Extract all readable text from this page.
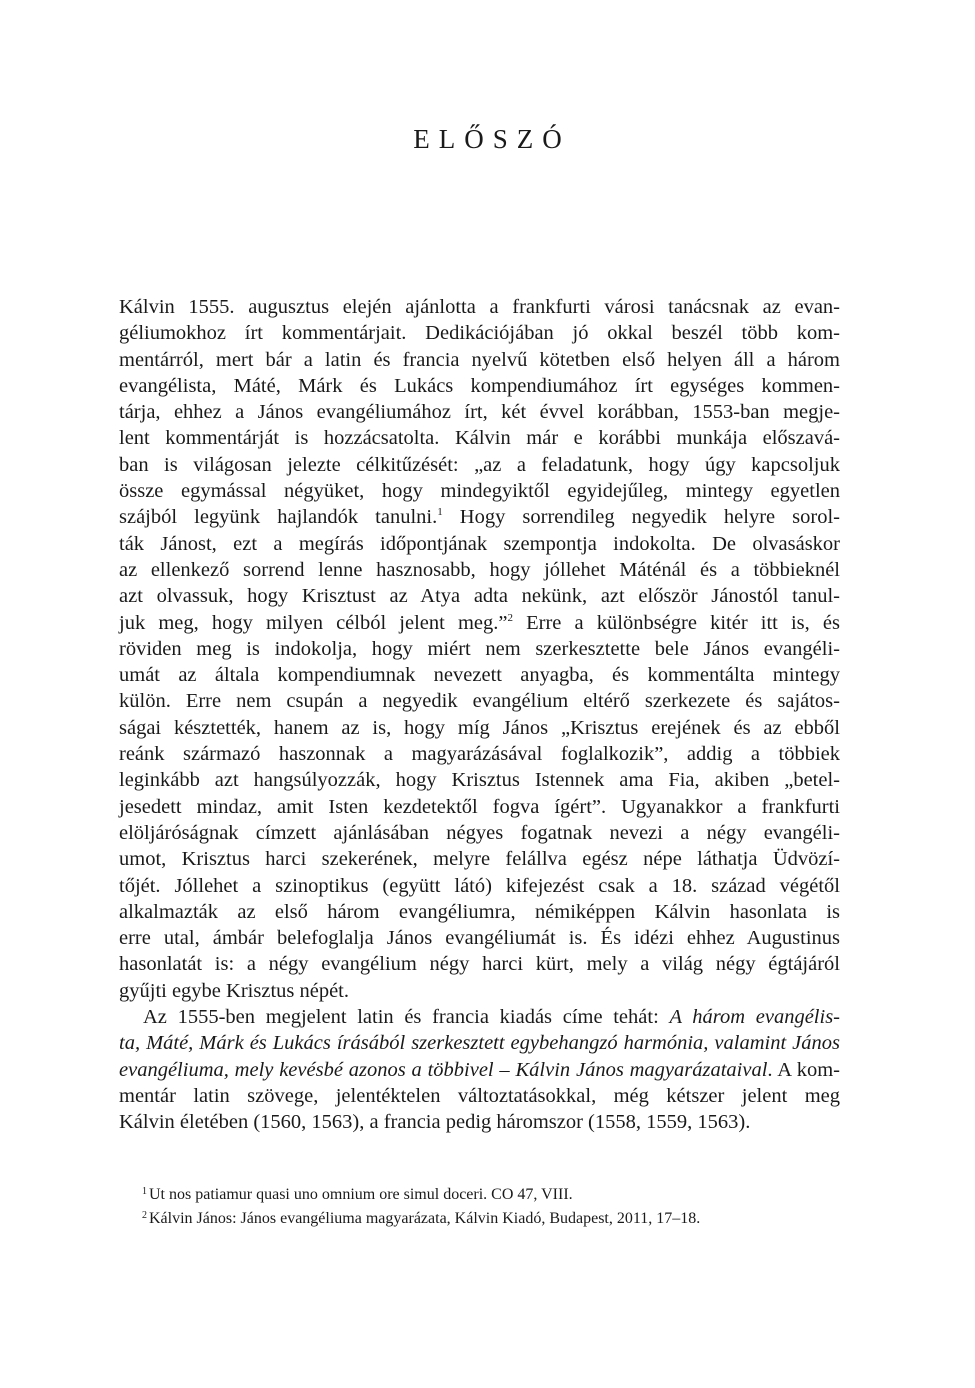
ELŐSZÓ
Kálvin 1555. augusztus elején ajánlotta a frankfurti városi tanácsnak az evan-
géliumokhoz írt kommentárjait. Dedikációjában jó okkal beszél több kom-
mentárról, mert bár a latin és francia nyelvű kötetben első helyen áll a három
evangélista, Máté, Márk és Lukács kompendiumához írt egységes kommen-
tárja, ehhez a János evangéliumához írt, két évvel korábban, 1553-ban megje-
lent kommentárját is hozzácsatolta. Kálvin már e korábbi munkája előszavá-
ban is világosan jelezte célkitűzését: „az a feladatunk, hogy úgy kapcsoljuk
össze egymással négyüket, hogy mindegyiktől egyidejűleg, mintegy egyetlen
szájból legyünk hajlandók tanulni.$^1$ Hogy sorrendileg negyedik helyre sorol-
ták Jánost, ezt a megírás időpontjának szempontja indokolta. De olvasáskor
az ellenkező sorrend lenne hasznosabb, hogy jóllehet Máténál és a többieknél
azt olvassuk, hogy Krisztust az Atya adta nekünk, azt először Jánostól tanul-
juk meg, hogy milyen célból jelent meg.”$^2$ Erre a különbségre kitér itt is, és
röviden meg is indokolja, hogy miért nem szerkesztette bele János evangéli-
umát az általa kompendiumnak nevezett anyagba, és kommentálta mintegy
külön. Erre nem csupán a negyedik evangélium eltérő szerkezete és sajátos-
ságai késztették, hanem az is, hogy míg János „Krisztus erejének és az ebből
reánk származó haszonnak a magyarázásával foglalkozik”, addig a többiek
leginkább azt hangsúlyozzák, hogy Krisztus Istennek ama Fia, akiben „betel-
jesedett mindaz, amit Isten kezdetektől fogva ígért”. Ugyanakkor a frankfurti
elöljáróságnak címzett ajánlásában négyes fogatnak nevezi a négy evangéli-
umot, Krisztus harci szekerének, melyre felállva egész népe láthatja Üdvözí-
tőjét. Jóllehet a szinoptikus (együtt látó) kifejezést csak a 18. század végétől
alkalmazták az első három evangéliumra, némiképpen Kálvin hasonlata is
erre utal, ámbár belefoglalja János evangéliumát is. És idézi ehhez Augustinus
hasonlatát is: a négy evangélium négy harci kürt, mely a világ négy égtájáról
gyűjti egybe Krisztus népét.
Az 1555-ben megjelent latin és francia kiadás címe tehát: A három evangélis-
ta, Máté, Márk és Lukács írásából szerkesztett egybehangzó harmónia, valamint János
evangéliuma, mely kevésbé azonos a többivel – Kálvin János magyarázataival. A kom-
mentár latin szövege, jelentéktelen változtatásokkal, még kétszer jelent meg
Kálvin életében (1560, 1563), a francia pedig háromszor (1558, 1559, 1563).
$^1$ Ut nos patiamur quasi uno omnium ore simul doceri. CO 47, VIII.
$^2$ Kálvin János: János evangéliuma magyarázata, Kálvin Kiadó, Budapest, 2011, 17–18.
